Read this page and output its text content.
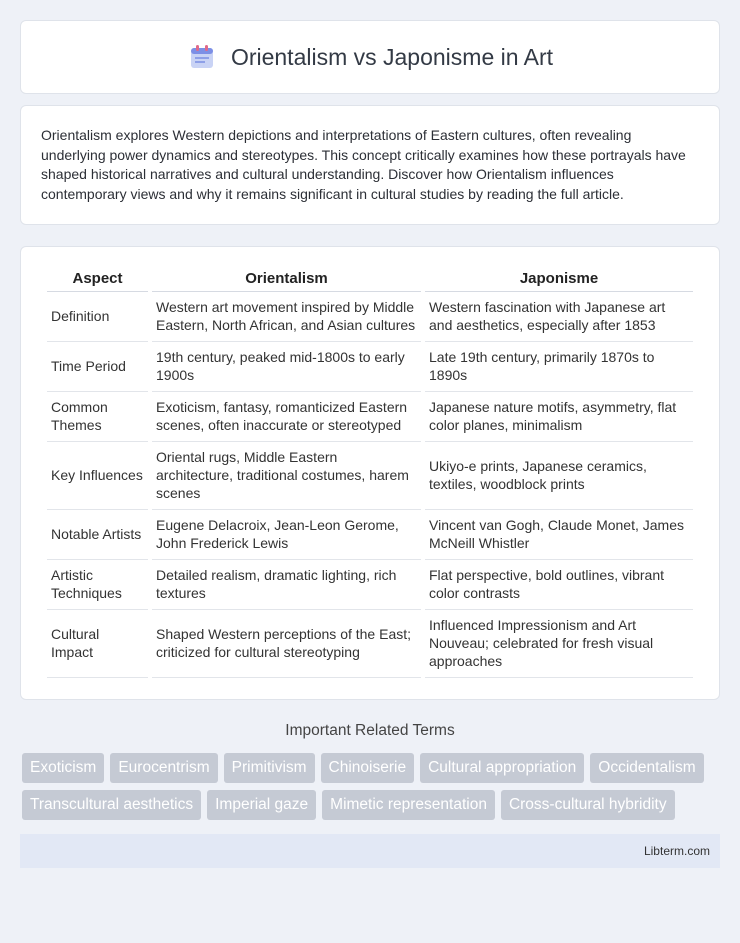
Orientalism vs Japonisme in Art

Orientalism explores Western depictions and interpretations of Eastern cultures, often revealing underlying power dynamics and stereotypes. This concept critically examines how these portrayals have shaped historical narratives and cultural understanding. Discover how Orientalism influences contemporary views and why it remains significant in cultural studies by reading the full article.

Aspect	Orientalism	Japonisme
Definition	Western art movement inspired by Middle Eastern, North African, and Asian cultures	Western fascination with Japanese art and aesthetics, especially after 1853
Time Period	19th century, peaked mid-1800s to early 1900s	Late 19th century, primarily 1870s to 1890s
Common Themes	Exoticism, fantasy, romanticized Eastern scenes, often inaccurate or stereotyped	Japanese nature motifs, asymmetry, flat color planes, minimalism
Key Influences	Oriental rugs, Middle Eastern architecture, traditional costumes, harem scenes	Ukiyo-e prints, Japanese ceramics, textiles, woodblock prints
Notable Artists	Eugene Delacroix, Jean-Leon Gerome, John Frederick Lewis	Vincent van Gogh, Claude Monet, James McNeill Whistler
Artistic Techniques	Detailed realism, dramatic lighting, rich textures	Flat perspective, bold outlines, vibrant color contrasts
Cultural Impact	Shaped Western perceptions of the East; criticized for cultural stereotyping	Influenced Impressionism and Art Nouveau; celebrated for fresh visual approaches
Important Related Terms
Exoticism	Eurocentrism	Primitivism	Chinoiserie	Cultural appropriation	Occidentalism
Transcultural aesthetics	Imperial gaze	Mimetic representation	Cross-cultural hybridity
Libterm.com
